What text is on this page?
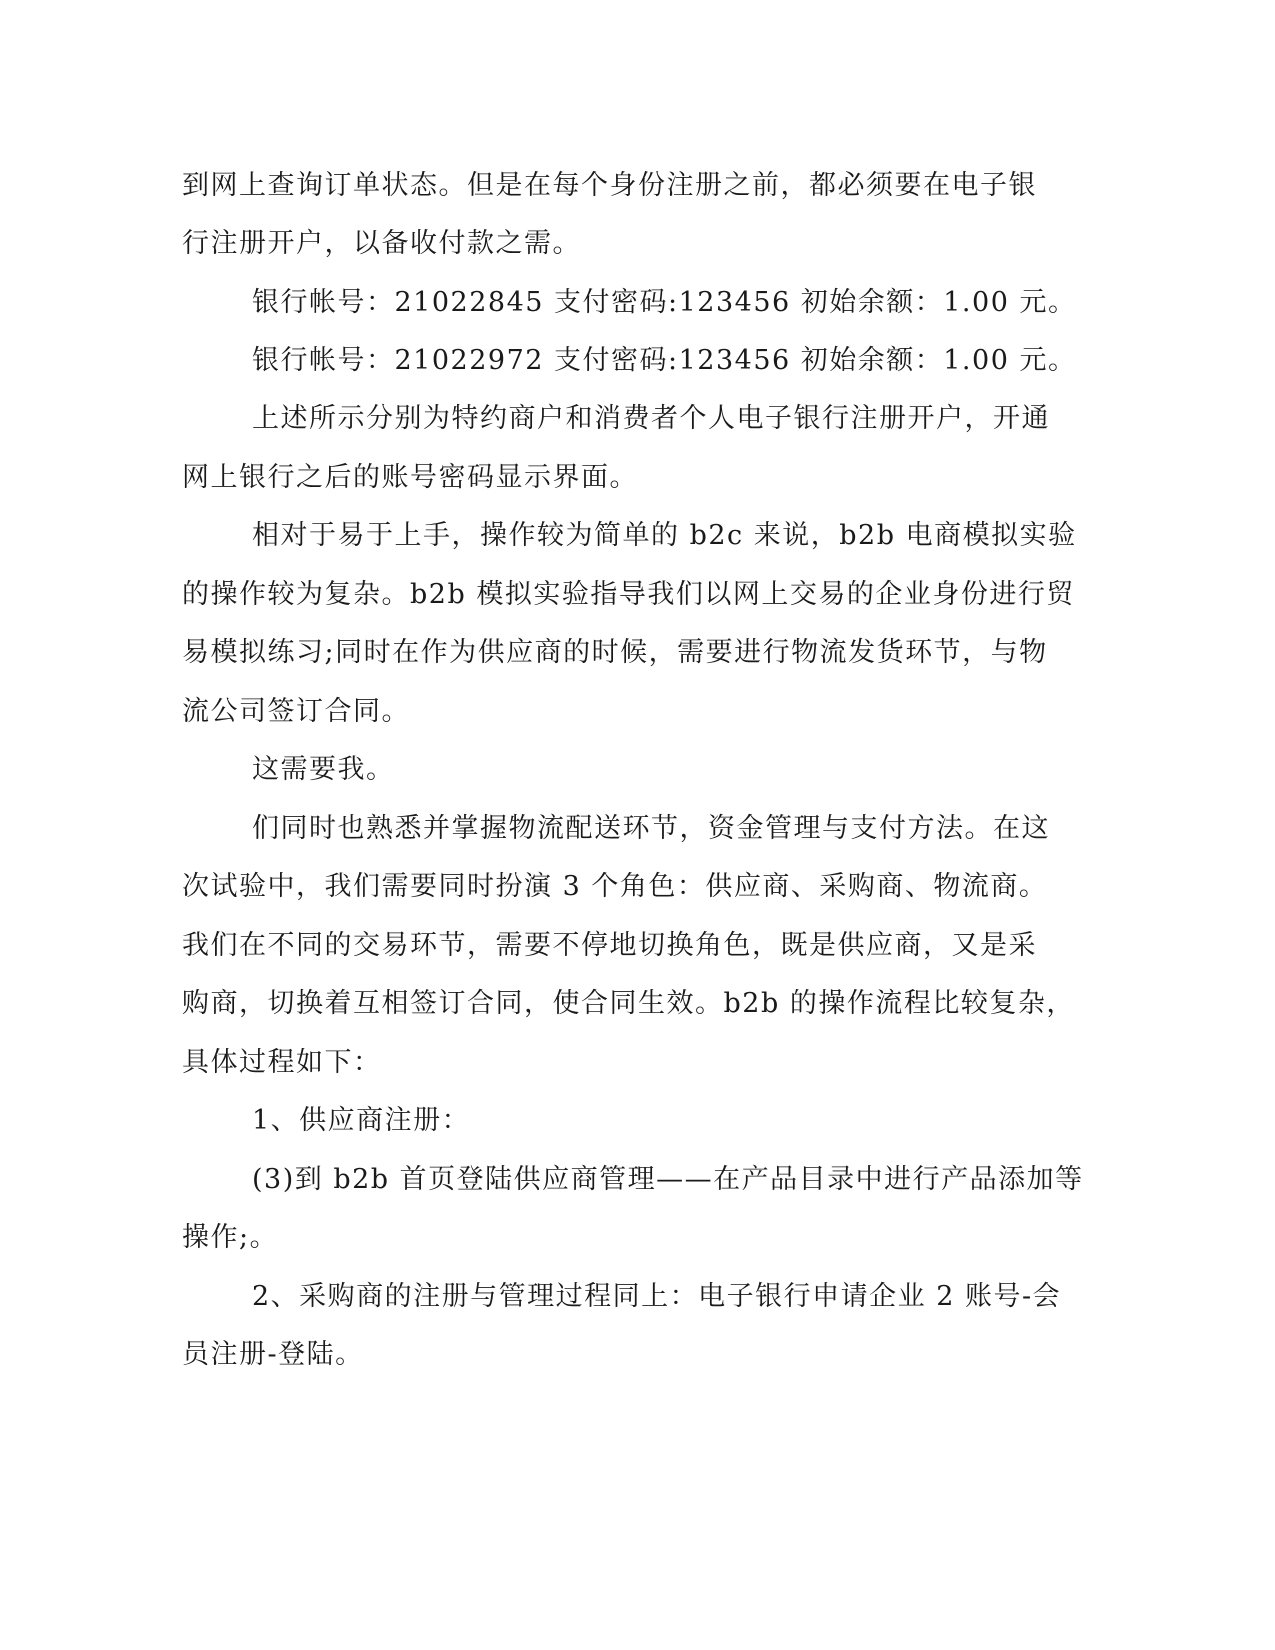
到网上查询订单状态。但是在每个身份注册之前，都必须要在电子银
行注册开户，以备收付款之需。
银行帐号：21022845 支付密码:123456 初始余额：1.00 元。
银行帐号：21022972 支付密码:123456 初始余额：1.00 元。
上述所示分别为特约商户和消费者个人电子银行注册开户，开通
网上银行之后的账号密码显示界面。
相对于易于上手，操作较为简单的 b2c 来说，b2b 电商模拟实验
的操作较为复杂。b2b 模拟实验指导我们以网上交易的企业身份进行贸
易模拟练习;同时在作为供应商的时候，需要进行物流发货环节，与物
流公司签订合同。
这需要我。
们同时也熟悉并掌握物流配送环节，资金管理与支付方法。在这
次试验中，我们需要同时扮演 3 个角色：供应商、采购商、物流商。
我们在不同的交易环节，需要不停地切换角色，既是供应商，又是采
购商，切换着互相签订合同，使合同生效。b2b 的操作流程比较复杂，
具体过程如下：
1、供应商注册：
(3)到 b2b 首页登陆供应商管理——在产品目录中进行产品添加等
操作;。
2、采购商的注册与管理过程同上：电子银行申请企业 2 账号-会
员注册-登陆。
